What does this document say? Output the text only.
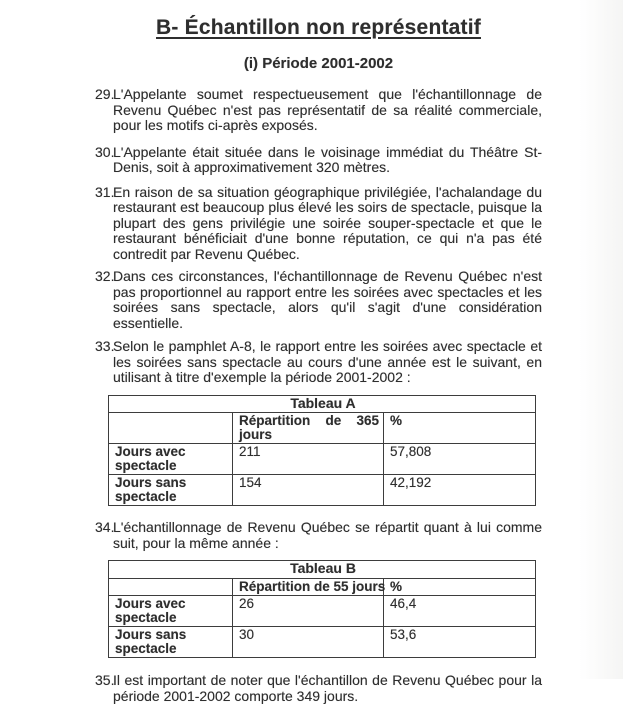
B- Échantillon non représentatif
(i) Période 2001-2002
29.
L'Appelante soumet respectueusement que l'échantillonnage de Revenu Québec n'est pas représentatif de sa réalité commerciale, pour les motifs ci-après exposés.
30.
L'Appelante était située dans le voisinage immédiat du Théâtre St-Denis, soit à approximativement 320 mètres.
31.
En raison de sa situation géographique privilégiée, l'achalandage du restaurant est beaucoup plus élevé les soirs de spectacle, puisque la plupart des gens privilégie une soirée souper-spectacle et que le restaurant bénéficiait d'une bonne réputation, ce qui n'a pas été contredit par Revenu Québec.
32.
Dans ces circonstances, l'échantillonnage de Revenu Québec n'est pas proportionnel au rapport entre les soirées avec spectacles et les soirées sans spectacle, alors qu'il s'agit d'une considération essentielle.
33.
Selon le pamphlet A-8, le rapport entre les soirées avec spectacle et les soirées sans spectacle au cours d'une année est le suivant, en utilisant à titre d'exemple la période 2001-2002 :
Tableau A		
	Répartition de 365 jours	%
Jours avec spectacle	211	57,808
Jours sans spectacle	154	42,192
34.
L'échantillonnage de Revenu Québec se répartit quant à lui comme suit, pour la même année :
Tableau B		
	Répartition de 55 jours	%
Jours avec spectacle	26	46,4
Jours sans spectacle	30	53,6
35.
Il est important de noter que l'échantillon de Revenu Québec pour la période 2001-2002 comporte 349 jours.
